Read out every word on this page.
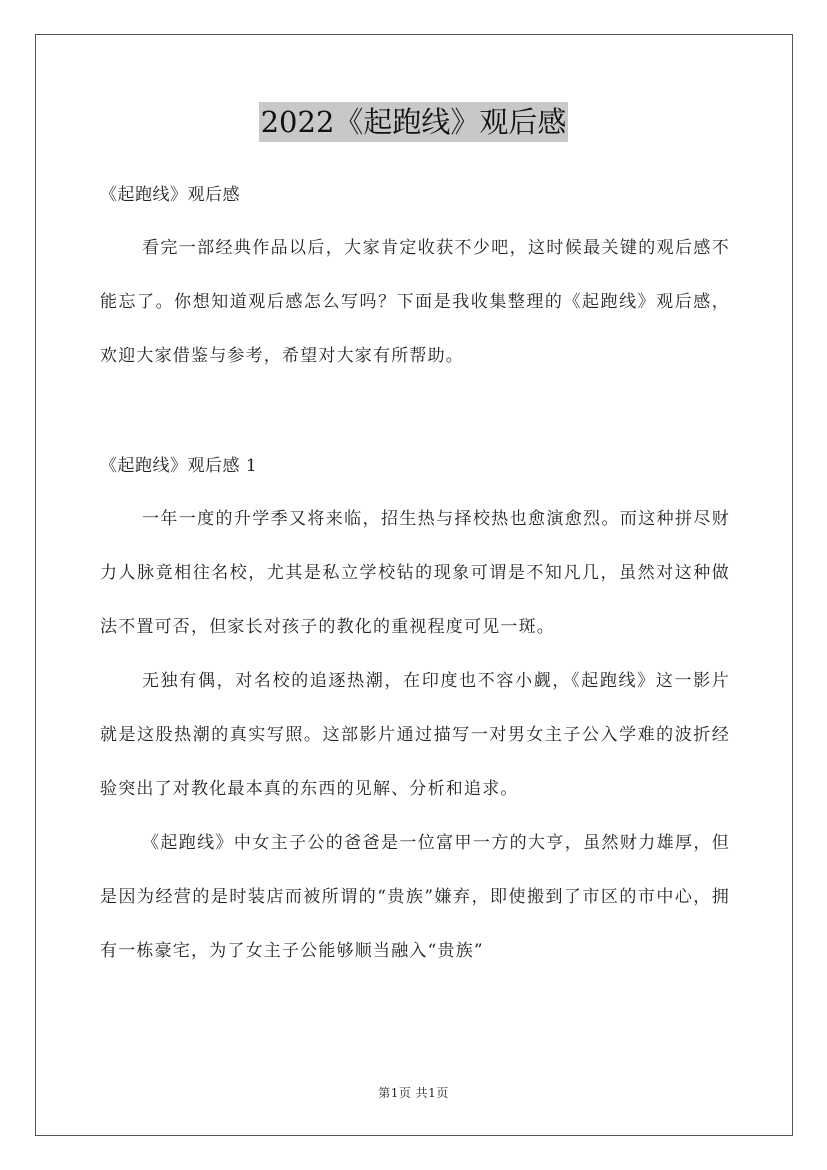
2022《起跑线》观后感
《起跑线》观后感

看完一部经典作品以后，大家肯定收获不少吧，这时候最关键的观后感不能忘了。你想知道观后感怎么写吗？下面是我收集整理的《起跑线》观后感，欢迎大家借鉴与参考，希望对大家有所帮助。

《起跑线》观后感 1

一年一度的升学季又将来临，招生热与择校热也愈演愈烈。而这种拼尽财力人脉竟相往名校，尤其是私立学校钻的现象可谓是不知凡几，虽然对这种做法不置可否，但家长对孩子的教化的重视程度可见一斑。

无独有偶，对名校的追逐热潮，在印度也不容小觑，《起跑线》这一影片就是这股热潮的真实写照。这部影片通过描写一对男女主子公入学难的波折经验突出了对教化最本真的东西的见解、分析和追求。

《起跑线》中女主子公的爸爸是一位富甲一方的大亨，虽然财力雄厚，但是因为经营的是时装店而被所谓的“贵族”嫌弃，即使搬到了市区的市中心，拥有一栋豪宅，为了女主子公能够顺当融入“贵族”

第1页 共1页
